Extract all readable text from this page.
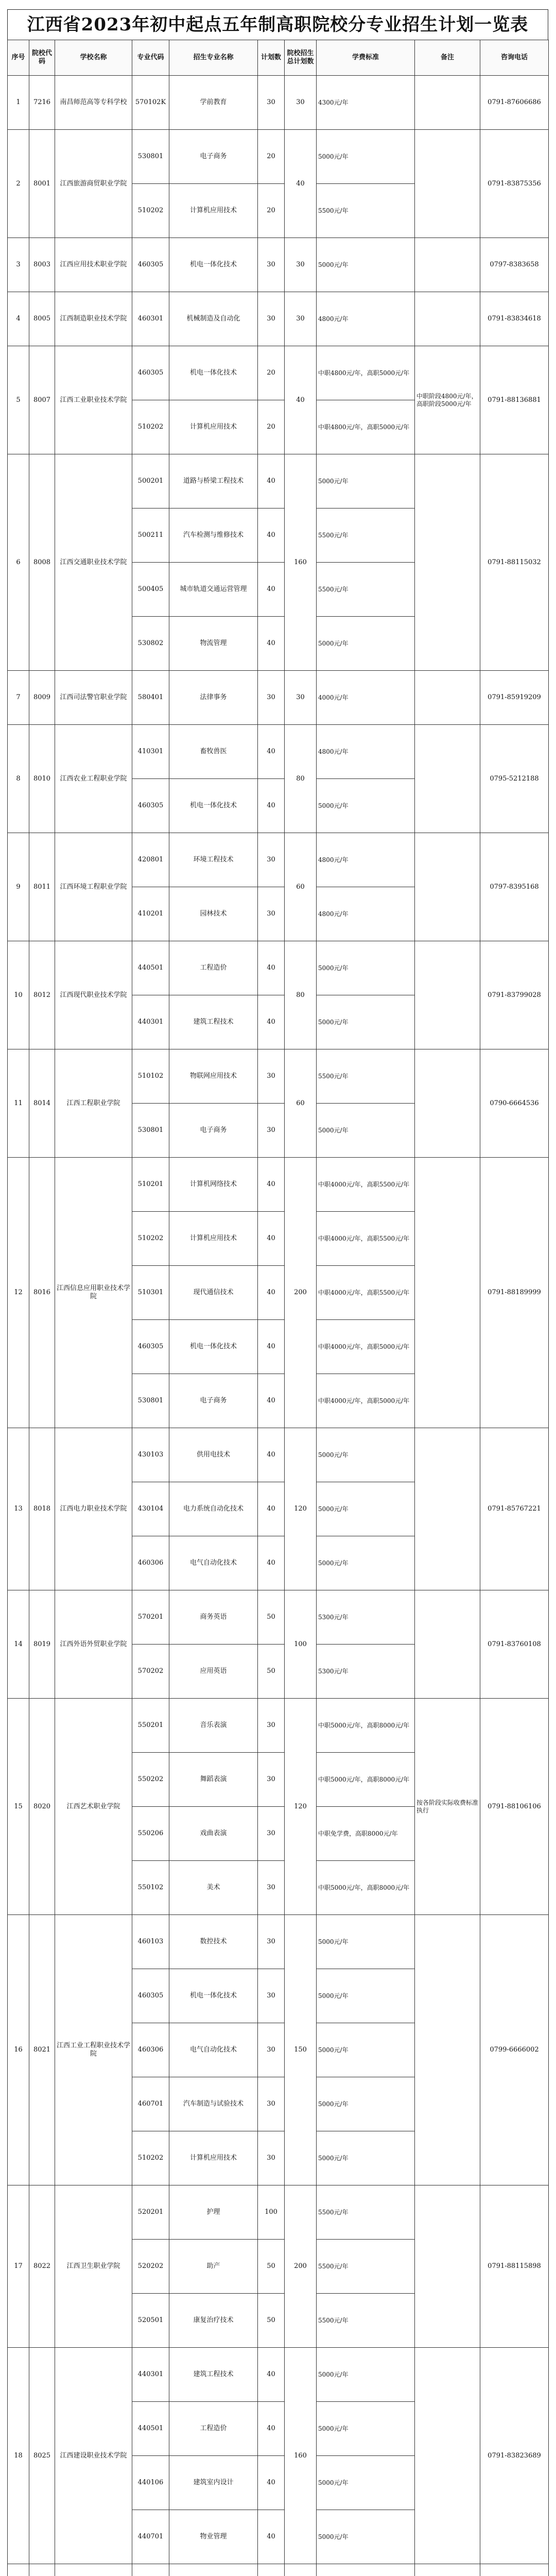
江西省2023年初中起点五年制高职院校分专业招生计划一览表
序号	院校代码	学校名称	专业代码	招生专业名称	计划数	院校招生总计划数	学费标准	备注	咨询电话
1	7216	南昌师范高等专科学校	570102K	学前教育	30	30	4300元/年		0791-87606686
2	8001	江西旅游商贸职业学院	530801	电子商务	20	40	5000元/年		0791-83875356
			510202	计算机应用技术	20		5500元/年		
3	8003	江西应用技术职业学院	460305	机电一体化技术	30	30	5000元/年		0797-8383658
4	8005	江西制造职业技术学院	460301	机械制造及自动化	30	30	4800元/年		0791-83834618
5	8007	江西工业职业技术学院	460305	机电一体化技术	20	40	中职4800元/年，高职5000元/年	中职阶段4800元/年，高职阶段5000元/年	0791-88136881
			510202	计算机应用技术	20		中职4800元/年，高职5000元/年		
6	8008	江西交通职业技术学院	500201	道路与桥梁工程技术	40	160	5000元/年		0791-88115032
			500211	汽车检测与维修技术	40		5500元/年		
			500405	城市轨道交通运营管理	40		5500元/年		
			530802	物流管理	40		5000元/年		
7	8009	江西司法警官职业学院	580401	法律事务	30	30	4000元/年		0791-85919209
8	8010	江西农业工程职业学院	410301	畜牧兽医	40	80	4800元/年		0795-5212188
			460305	机电一体化技术	40		5000元/年		
9	8011	江西环境工程职业学院	420801	环境工程技术	30	60	4800元/年		0797-8395168
			410201	园林技术	30		4800元/年		
10	8012	江西现代职业技术学院	440501	工程造价	40	80	5000元/年		0791-83799028
			440301	建筑工程技术	40		5000元/年		
11	8014	江西工程职业学院	510102	物联网应用技术	30	60	5500元/年		0790-6664536
			530801	电子商务	30		5000元/年		
12	8016	江西信息应用职业技术学院	510201	计算机网络技术	40	200	中职4000元/年，高职5500元/年		0791-88189999
			510202	计算机应用技术	40		中职4000元/年，高职5500元/年		
			510301	现代通信技术	40		中职4000元/年，高职5500元/年		
			460305	机电一体化技术	40		中职4000元/年，高职5000元/年		
			530801	电子商务	40		中职4000元/年，高职5000元/年		
13	8018	江西电力职业技术学院	430103	供用电技术	40	120	5000元/年		0791-85767221
			430104	电力系统自动化技术	40		5000元/年		
			460306	电气自动化技术	40		5000元/年		
14	8019	江西外语外贸职业学院	570201	商务英语	50	100	5300元/年		0791-83760108
			570202	应用英语	50		5300元/年		
15	8020	江西艺术职业学院	550201	音乐表演	30	120	中职5000元/年，高职8000元/年	按各阶段实际收费标准执行	0791-88106106
			550202	舞蹈表演	30		中职5000元/年，高职8000元/年		
			550206	戏曲表演	30		中职免学费，高职8000元/年		
			550102	美术	30		中职5000元/年，高职8000元/年		
16	8021	江西工业工程职业技术学院	460103	数控技术	30	150	5000元/年		0799-6666002
			460305	机电一体化技术	30		5000元/年		
			460306	电气自动化技术	30		5000元/年		
			460701	汽车制造与试验技术	30		5000元/年		
			510202	计算机应用技术	30		5000元/年		
17	8022	江西卫生职业学院	520201	护理	100	200	5500元/年		0791-88115898
			520202	助产	50		5500元/年		
			520501	康复治疗技术	50		5500元/年		
18	8025	江西建设职业技术学院	440301	建筑工程技术	40	160	5000元/年		0791-83823689
			440501	工程造价	40		5000元/年		
			440106	建筑室内设计	40		5000元/年		
			440701	物业管理	40		5000元/年		
